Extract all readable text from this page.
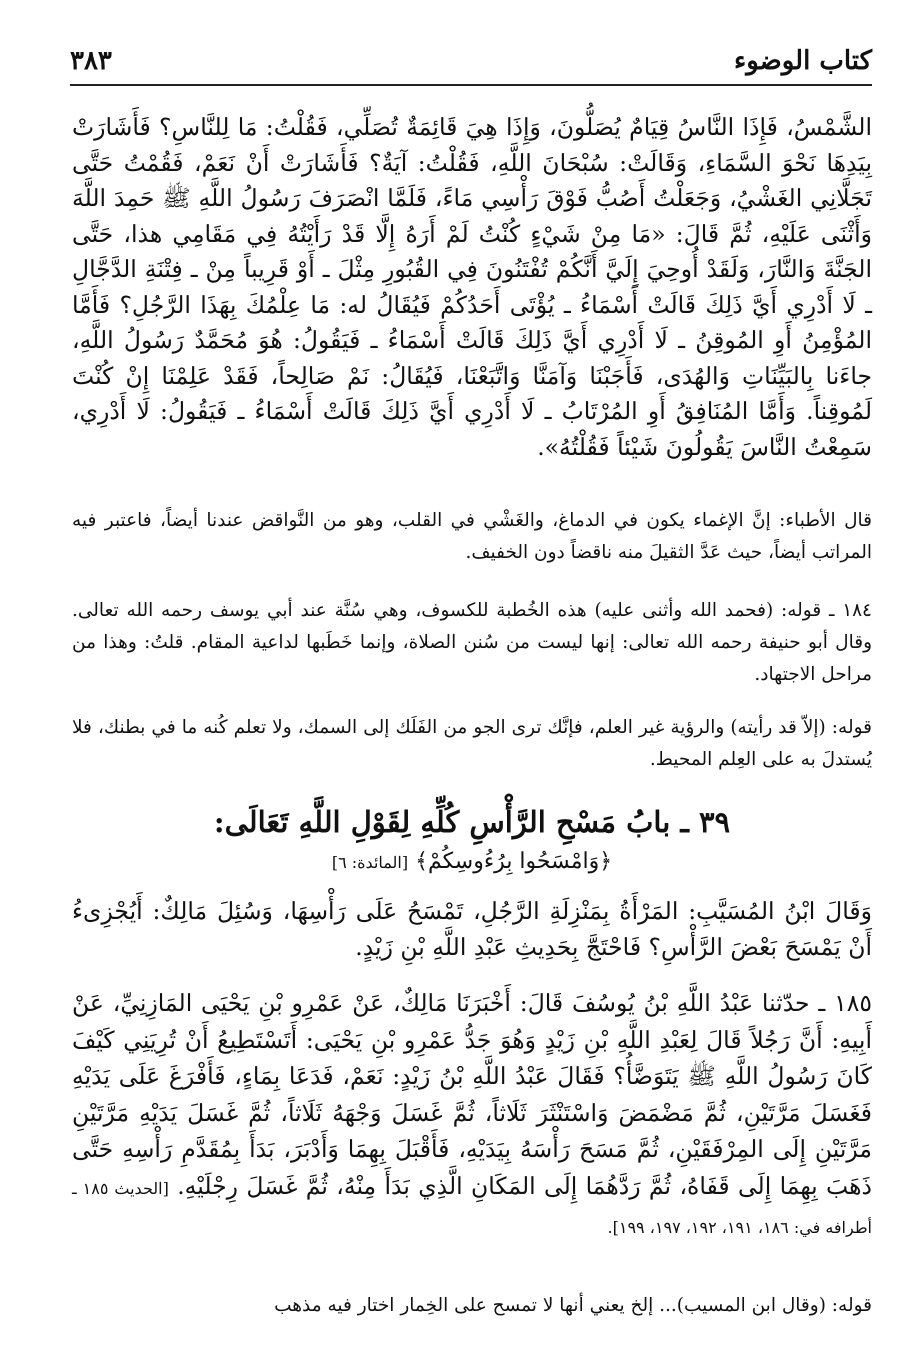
كتاب الوضوء
٣٨٣
الشَّمْسُ، فَإِذَا النَّاسُ قِيَامٌ يُصَلُّونَ، وَإِذَا هِيَ قَائِمَةٌ تُصَلِّي، فَقُلْتُ: مَا لِلنَّاسِ؟ فَأَشَارَتْ بِيَدِهَا نَحْوَ السَّمَاءِ، وَقَالَتْ: سُبْحَانَ اللَّهِ، فَقُلْتُ: آيَةٌ؟ فَأَشَارَتْ أَنْ نَعَمْ، فَقُمْتُ حَتَّى تَجَلَّانِي الغَشْيُ، وَجَعَلْتُ أَصُبُّ فَوْقَ رَأْسِي مَاءً، فَلَمَّا انْصَرَفَ رَسُولُ اللَّهِ ﷺ حَمِدَ اللَّهَ وَأَثْنَى عَلَيْهِ، ثُمَّ قَالَ: «مَا مِنْ شَيْءٍ كُنْتُ لَمْ أَرَهُ إِلَّا قَدْ رَأَيْتُهُ فِي مَقَامِي هذا، حَتَّى الجَنَّةَ وَالنَّارَ، وَلَقَدْ أُوحِيَ إِلَيَّ أَنَّكُمْ تُفْتَنُونَ فِي القُبُورِ مِثْلَ ـ أَوْ قَرِيباً مِنْ ـ فِتْنَةِ الدَّجَّالِ ـ لَا أَدْرِي أَيَّ ذَلِكَ قَالَتْ أَسْمَاءُ ـ يُؤْتَى أَحَدُكُمْ فَيُقَالُ له: مَا عِلْمُكَ بِهَذَا الرَّجُلِ؟ فَأَمَّا المُؤْمِنُ أَوِ المُوقِنُ ـ لَا أَدْرِي أَيَّ ذَلِكَ قَالَتْ أَسْمَاءُ ـ فَيَقُولُ: هُوَ مُحَمَّدٌ رَسُولُ اللَّهِ، جاءَنا بِالبَيِّنَاتِ وَالهُدَى، فَأَجَبْنَا وَآمَنَّا وَاتَّبَعْنَا، فَيُقَالُ: نَمْ صَالِحاً، فَقَدْ عَلِمْنَا إِنْ كُنْتَ لَمُوقِناً. وَأَمَّا المُنَافِقُ أَوِ المُرْتَابُ ـ لَا أَدْرِي أَيَّ ذَلِكَ قَالَتْ أَسْمَاءُ ـ فَيَقُولُ: لَا أَدْرِي، سَمِعْتُ النَّاسَ يَقُولُونَ شَيْئاً فَقُلْتُهُ».
قال الأطباء: إنَّ الإغماء يكون في الدماغ، والغَشْي في القلب، وهو من النَّواقض عندنا أيضاً، فاعتبر فيه المراتب أيضاً، حيث عَدَّ الثقيلَ منه ناقضاً دون الخفيف.
١٨٤ ـ قوله: (فحمد الله وأثنى عليه) هذه الخُطبة للكسوف، وهي سُنَّة عند أبي يوسف رحمه الله تعالى. وقال أبو حنيفة رحمه الله تعالى: إنها ليست من سُنن الصلاة، وإنما خَطَبها لداعية المقام. قلتُ: وهذا من مراحل الاجتهاد.
قوله: (إلاّ قد رأيته) والرؤية غير العلم، فإنَّك ترى الجو من الفَلَك إلى السمك، ولا تعلم كُنه ما في بطنك، فلا يُستدلَ به على العِلم المحيط.
٣٩ ـ بابُ مَسْحِ الرَّأْسِ كُلِّهِ لِقَوْلِ اللَّهِ تَعَالَى:
﴿وَامْسَحُوا بِرُءُوسِكُمْ﴾ [المائدة: ٦]
وَقَالَ ابْنُ المُسَيَّبِ: المَرْأَةُ بِمَنْزِلَةِ الرَّجُلِ، تَمْسَحُ عَلَى رَأْسِهَا، وَسُئِلَ مَالِكٌ: أَيُجْزِىءُ أَنْ يَمْسَحَ بَعْضَ الرَّأْسِ؟ فَاحْتَجَّ بِحَدِيثِ عَبْدِ اللَّهِ بْنِ زَيْدٍ.
١٨٥ ـ حدّثنا عَبْدُ اللَّهِ بْنُ يُوسُفَ قَالَ: أَخْبَرَنَا مَالِكٌ، عَنْ عَمْرِو بْنِ يَحْيَى المَازِنِيِّ، عَنْ أَبِيهِ: أَنَّ رَجُلاً قَالَ لِعَبْدِ اللَّهِ بْنِ زَيْدٍ وَهُوَ جَدُّ عَمْرِو بْنِ يَحْيَى: أَتَسْتَطِيعُ أَنْ تُرِيَنِي كَيْفَ كَانَ رَسُولُ اللَّهِ ﷺ يَتَوَضَّأُ؟ فَقَالَ عَبْدُ اللَّهِ بْنُ زَيْدٍ: نَعَمْ، فَدَعَا بِمَاءٍ، فَأَفْرَغَ عَلَى يَدَيْهِ فَغَسَلَ مَرَّتَيْنِ، ثُمَّ مَضْمَضَ وَاسْتَنْثَرَ ثَلَاثاً، ثُمَّ غَسَلَ وَجْهَهُ ثَلَاثاً، ثُمَّ غَسَلَ يَدَيْهِ مَرَّتَيْنِ مَرَّتَيْنِ إِلَى المِرْفَقَيْنِ، ثُمَّ مَسَحَ رَأْسَهُ بِيَدَيْهِ، فَأَقْبَلَ بِهِمَا وَأَدْبَرَ، بَدَأَ بِمُقَدَّمِ رَأْسِهِ حَتَّى ذَهَبَ بِهِمَا إِلَى قَفَاهُ، ثُمَّ رَدَّهُمَا إِلَى المَكَانِ الَّذِي بَدَأَ مِنْهُ، ثُمَّ غَسَلَ رِجْلَيْهِ. [الحديث ١٨٥ ـ أطرافه في: ١٨٦، ١٩١، ١٩٢، ١٩٧، ١٩٩].
قوله: (وقال ابن المسيب)... إلخ يعني أنها لا تمسح على الخِمار اختار فيه مذهب
